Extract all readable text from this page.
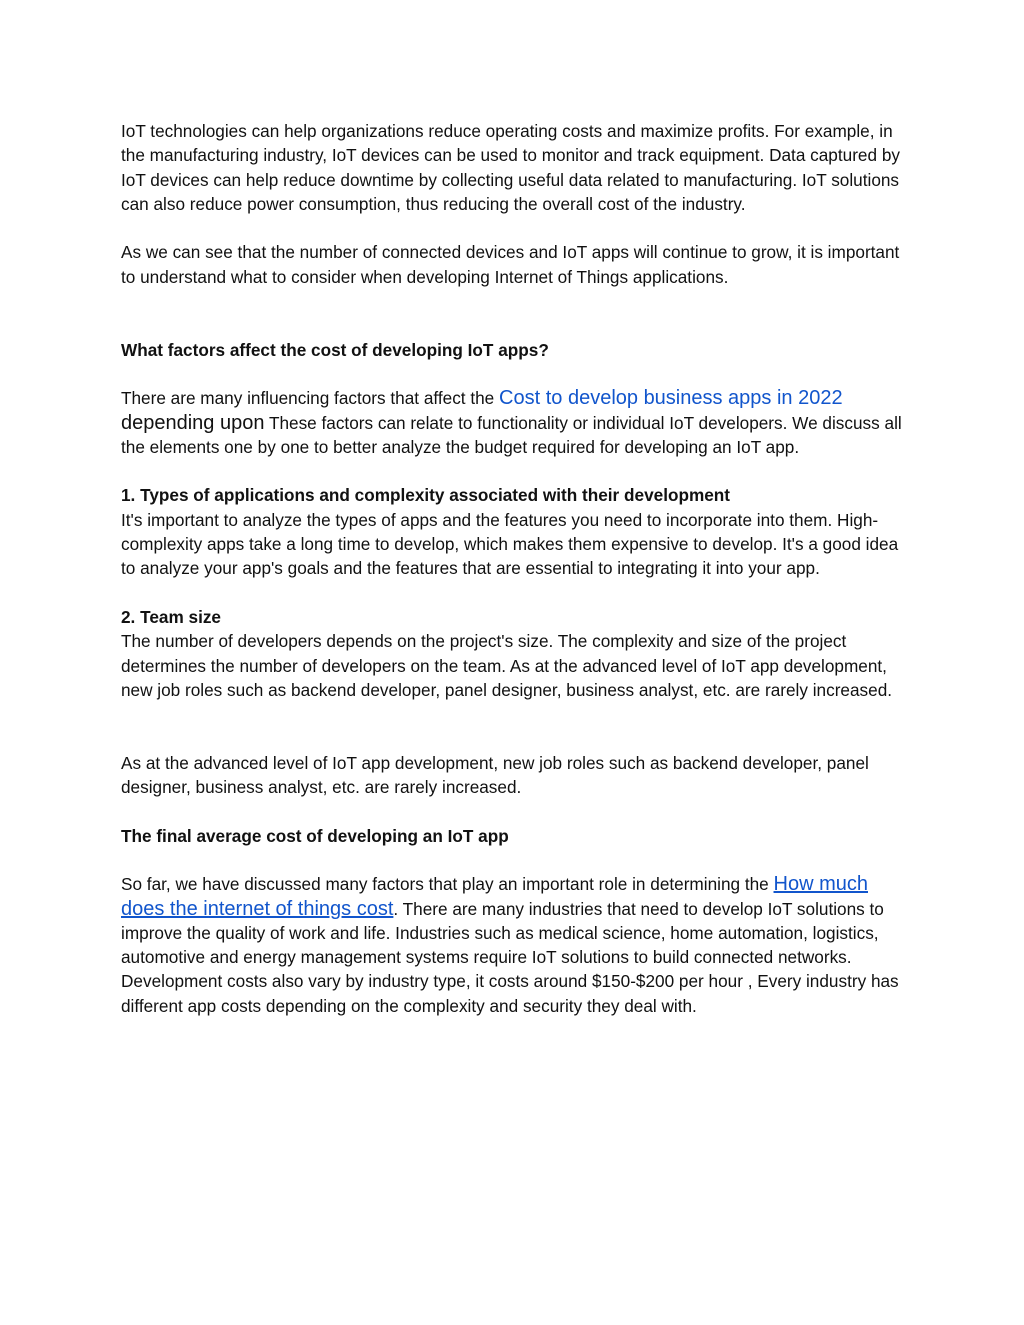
IoT technologies can help organizations reduce operating costs and maximize profits. For example, in the manufacturing industry, IoT devices can be used to monitor and track equipment. Data captured by IoT devices can help reduce downtime by collecting useful data related to manufacturing. IoT solutions can also reduce power consumption, thus reducing the overall cost of the industry.

As we can see that the number of connected devices and IoT apps will continue to grow, it is important to understand what to consider when developing Internet of Things applications.

What factors affect the cost of developing IoT apps?

There are many influencing factors that affect the Cost to develop business apps in 2022
depending upon These factors can relate to functionality or individual IoT developers. We discuss all the elements one by one to better analyze the budget required for developing an IoT app.

1. Types of applications and complexity associated with their development

It's important to analyze the types of apps and the features you need to incorporate into them. High-complexity apps take a long time to develop, which makes them expensive to develop. It's a good idea to analyze your app's goals and the features that are essential to integrating it into your app.

2. Team size

The number of developers depends on the project's size. The complexity and size of the project determines the number of developers on the team. As at the advanced level of IoT app development, new job roles such as backend developer, panel designer, business analyst, etc. are rarely increased.

As at the advanced level of IoT app development, new job roles such as backend developer, panel designer, business analyst, etc. are rarely increased.

The final average cost of developing an IoT app

So far, we have discussed many factors that play an important role in determining the How much does the internet of things cost. There are many industries that need to develop IoT solutions to improve the quality of work and life. Industries such as medical science, home automation, logistics, automotive and energy management systems require IoT solutions to build connected networks. Development costs also vary by industry type, it costs around $150-$200 per hour , Every industry has different app costs depending on the complexity and security they deal with.
